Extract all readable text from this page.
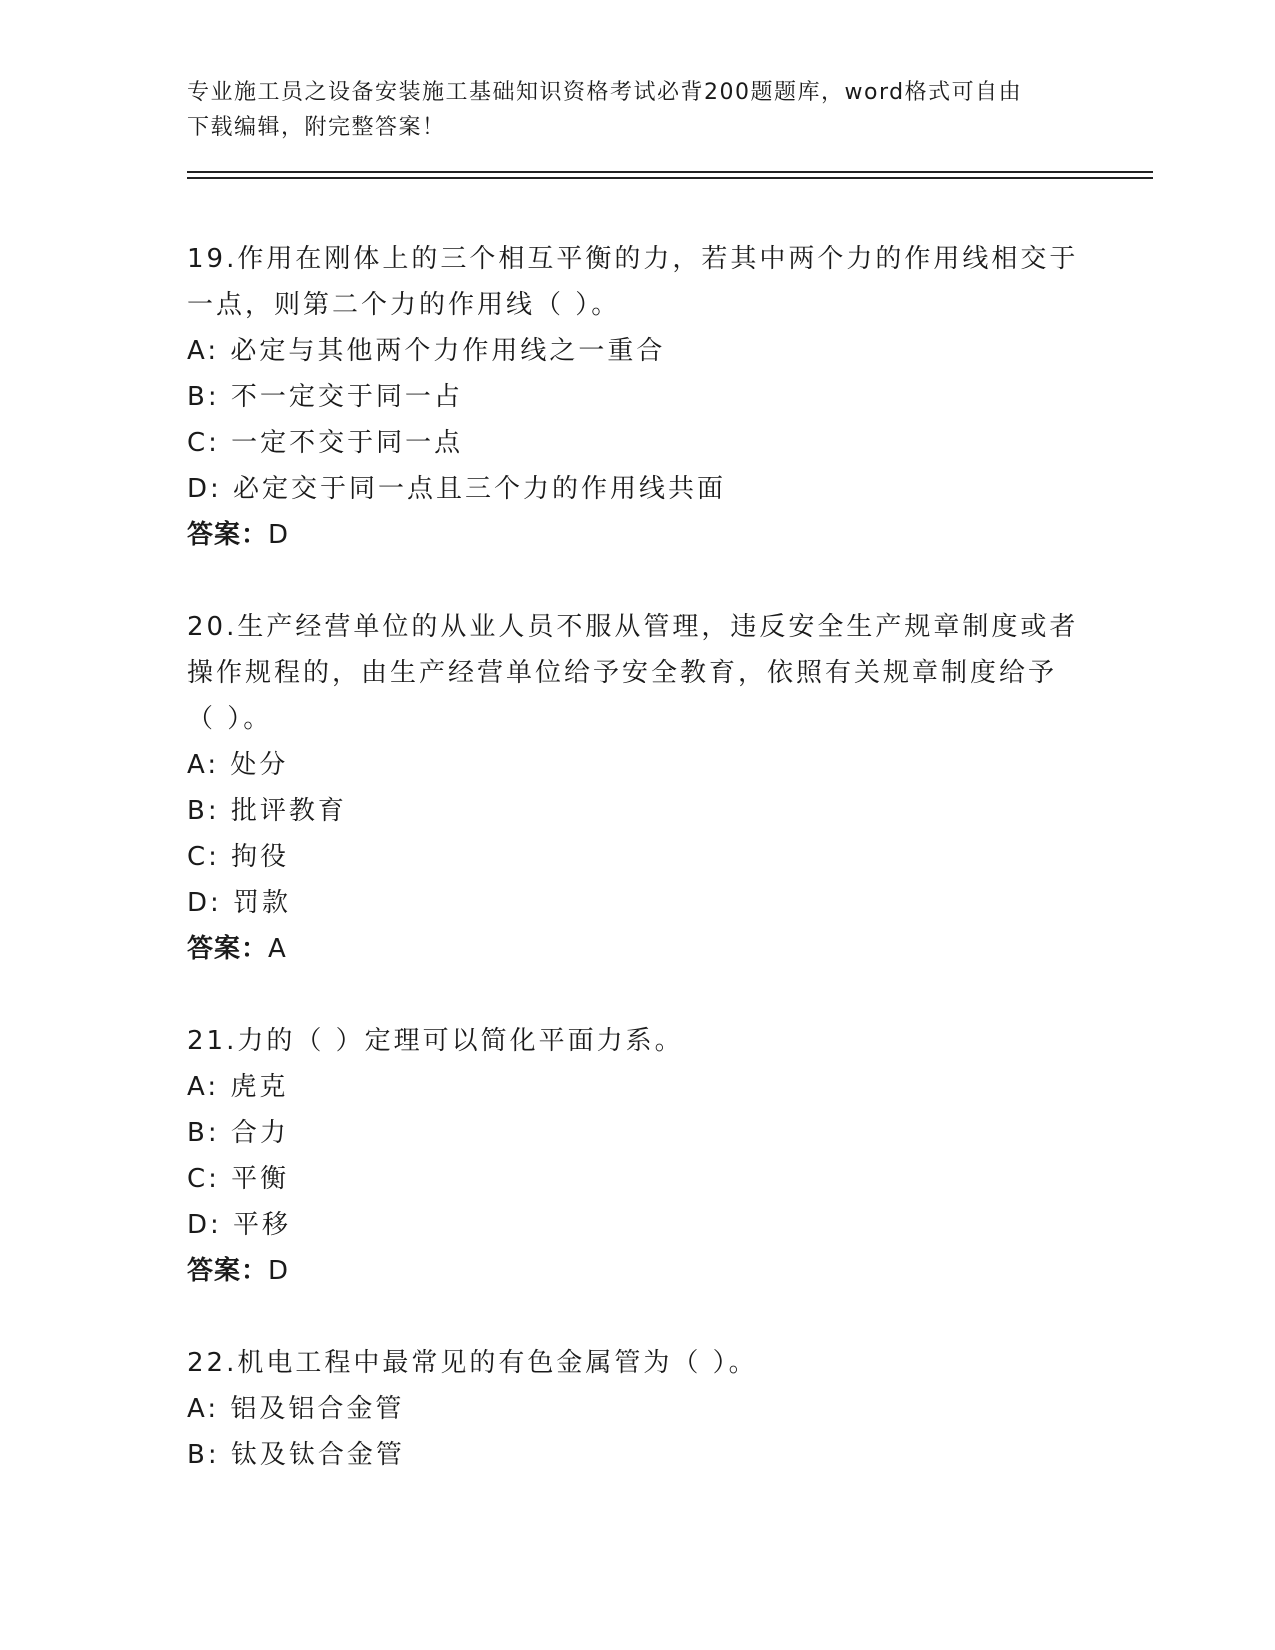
专业施工员之设备安装施工基础知识资格考试必背200题题库，word格式可自由
下载编辑，附完整答案！

19.作用在刚体上的三个相互平衡的力，若其中两个力的作用线相交于

一点，则第二个力的作用线（ ）。

A: 必定与其他两个力作用线之一重合

B: 不一定交于同一占

C: 一定不交于同一点

D: 必定交于同一点且三个力的作用线共面

答案：D

20.生产经营单位的从业人员不服从管理，违反安全生产规章制度或者

操作规程的，由生产经营单位给予安全教育，依照有关规章制度给予

（ ）。

A: 处分

B: 批评教育

C: 拘役

D: 罚款

答案：A

21.力的（ ）定理可以简化平面力系。

A: 虎克

B: 合力

C: 平衡

D: 平移

答案：D

22.机电工程中最常见的有色金属管为（ ）。

A: 铝及铝合金管

B: 钛及钛合金管
